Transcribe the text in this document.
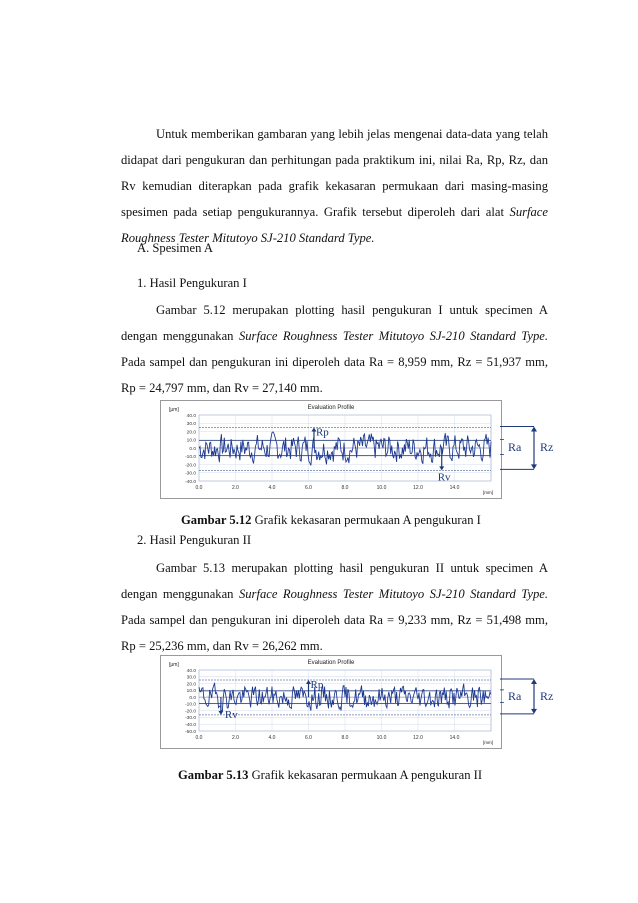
Untuk memberikan gambaran yang lebih jelas mengenai data-data yang telah didapat dari pengukuran dan perhitungan pada praktikum ini, nilai Ra, Rp, Rz, dan Rv kemudian diterapkan pada grafik kekasaran permukaan dari masing-masing spesimen pada setiap pengukurannya. Grafik tersebut diperoleh dari alat Surface Roughness Tester Mitutoyo SJ-210 Standard Type.

A. Spesimen A

1. Hasil Pengukuran I

Gambar 5.12 merupakan plotting hasil pengukuran I untuk specimen A dengan menggunakan Surface Roughness Tester Mitutoyo SJ-210 Standard Type. Pada sampel dan pengukuran ini diperoleh data Ra = 8,959 mm, Rz = 51,937 mm, Rp = 24,797 mm, dan Rv = 27,140 mm.

Evaluation Profile
[μm]
[mm]
40.0
30.0
20.0
10.0
0.0
-10.0
-20.0
-30.0
-40.0
0.0	2.0	4.0	6.0	8.0	10.0	12.0	14.0
Rp
Rv
Ra Rz

Gambar 5.12 Grafik kekasaran permukaan A pengukuran I

2. Hasil Pengukuran II

Gambar 5.13 merupakan plotting hasil pengukuran II untuk specimen A dengan menggunakan Surface Roughness Tester Mitutoyo SJ-210 Standard Type. Pada sampel dan pengukuran ini diperoleh data Ra = 9,233 mm, Rz = 51,498 mm, Rp = 25,236 mm, dan Rv = 26,262 mm.

Evaluation Profile
[μm]
[mm]
40.0
30.0
20.0
10.0
0.0
-10.0
-20.0
-30.0
-40.0
-50.0
0.0	2.0	4.0	6.0	8.0	10.0	12.0	14.0
Rp
Rv
Ra Rz

Gambar 5.13 Grafik kekasaran permukaan A pengukuran II
